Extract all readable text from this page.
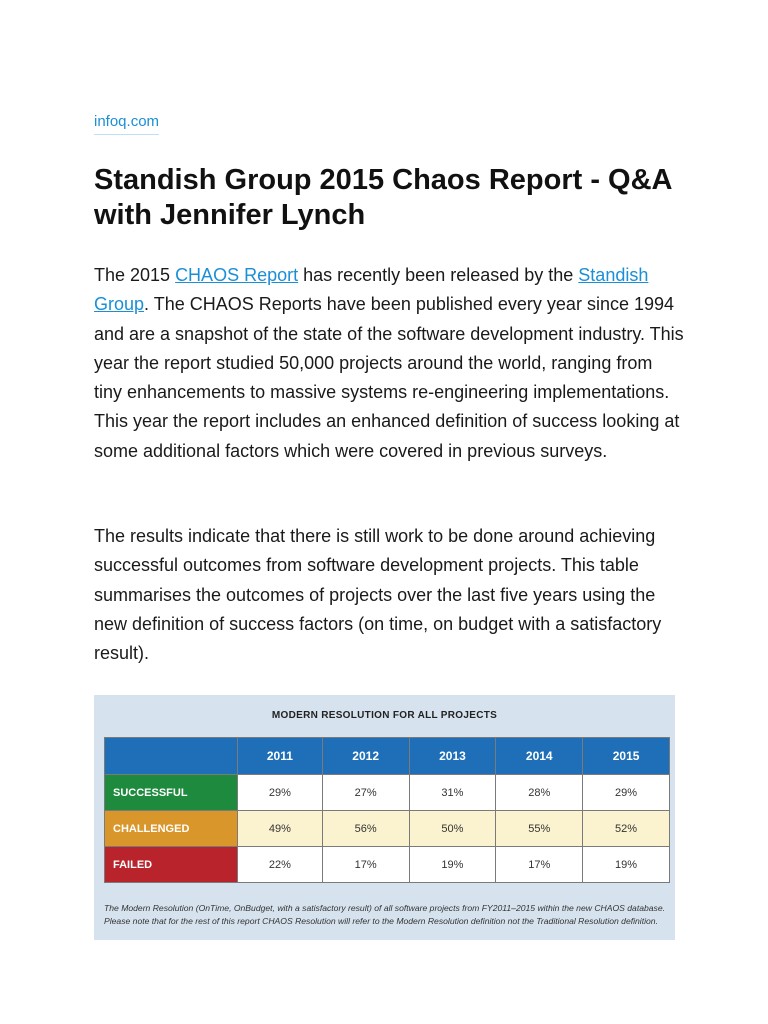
infoq.com
Standish Group 2015 Chaos Report - Q&A with Jennifer Lynch

The 2015 CHAOS Report has recently been released by the Standish Group. The CHAOS Reports have been published every year since 1994 and are a snapshot of the state of the software development industry. This year the report studied 50,000 projects around the world, ranging from tiny enhancements to massive systems re-engineering implementations. This year the report includes an enhanced definition of success looking at some additional factors which were covered in previous surveys.

The results indicate that there is still work to be done around achieving successful outcomes from software development projects. This table summarises the outcomes of projects over the last five years using the new definition of success factors (on time, on budget with a satisfactory result).

MODERN RESOLUTION FOR ALL PROJECTS
	2011	2012	2013	2014	2015
SUCCESSFUL	29%	27%	31%	28%	29%
CHALLENGED	49%	56%	50%	55%	52%
FAILED	22%	17%	19%	17%	19%
The Modern Resolution (OnTime, OnBudget, with a satisfactory result) of all software projects from FY2011–2015 within the new CHAOS database. Please note that for the rest of this report CHAOS Resolution will refer to the Modern Resolution definition not the Traditional Resolution definition.
